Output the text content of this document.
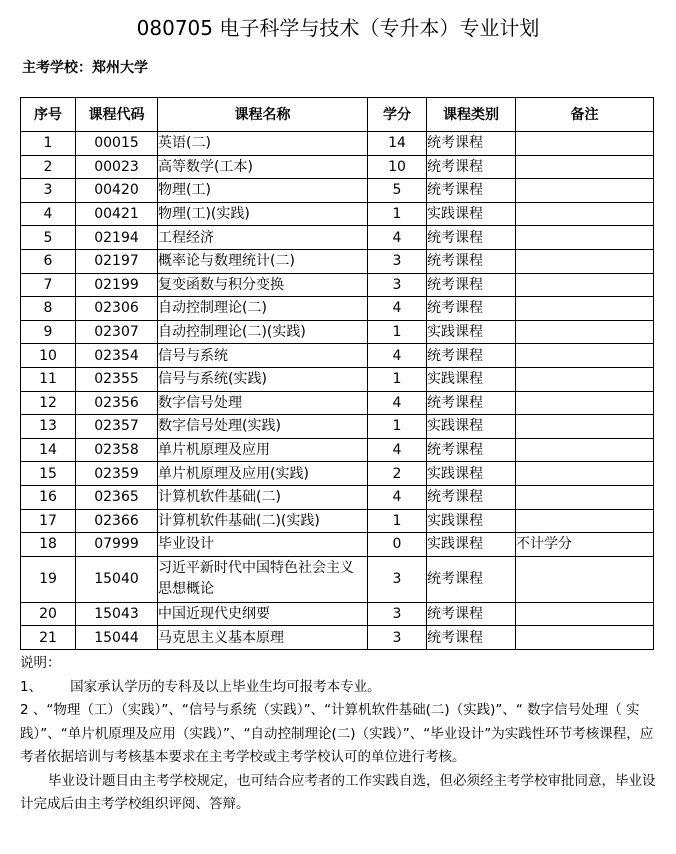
080705 电子科学与技术（专升本）专业计划
主考学校：郑州大学
序号	课程代码	课程名称	学分	课程类别	备注
1	00015	英语(二)	14	统考课程	
2	00023	高等数学(工本)	10	统考课程	
3	00420	物理(工)	5	统考课程	
4	00421	物理(工)(实践)	1	实践课程	
5	02194	工程经济	4	统考课程	
6	02197	概率论与数理统计(二)	3	统考课程	
7	02199	复变函数与积分变换	3	统考课程	
8	02306	自动控制理论(二)	4	统考课程	
9	02307	自动控制理论(二)(实践)	1	实践课程	
10	02354	信号与系统	4	统考课程	
11	02355	信号与系统(实践)	1	实践课程	
12	02356	数字信号处理	4	统考课程	
13	02357	数字信号处理(实践)	1	实践课程	
14	02358	单片机原理及应用	4	统考课程	
15	02359	单片机原理及应用(实践)	2	实践课程	
16	02365	计算机软件基础(二)	4	统考课程	
17	02366	计算机软件基础(二)(实践)	1	实践课程	
18	07999	毕业设计	0	实践课程	不计学分
19	15040	习近平新时代中国特色社会主义思想概论	3	统考课程	
20	15043	中国近现代史纲要	3	统考课程	
21	15044	马克思主义基本原理	3	统考课程	

说明：

1、 国家承认学历的专科及以上毕业生均可报考本专业。

2 、“物理（工）（实践）”、“信号与系统（实践）”、“计算机软件基础(二)（实践)”、“ 数字信号处理（ 实践）”、“单片机原理及应用（实践）”、“自动控制理论(二)（实践）”、“毕业设计”为实践性环节考核课程，应考者依据培训与考核基本要求在主考学校或主考学校认可的单位进行考核。

毕业设计题目由主考学校规定，也可结合应考者的工作实践自选，但必须经主考学校审批同意，毕业设计完成后由主考学校组织评阅、答辩。
